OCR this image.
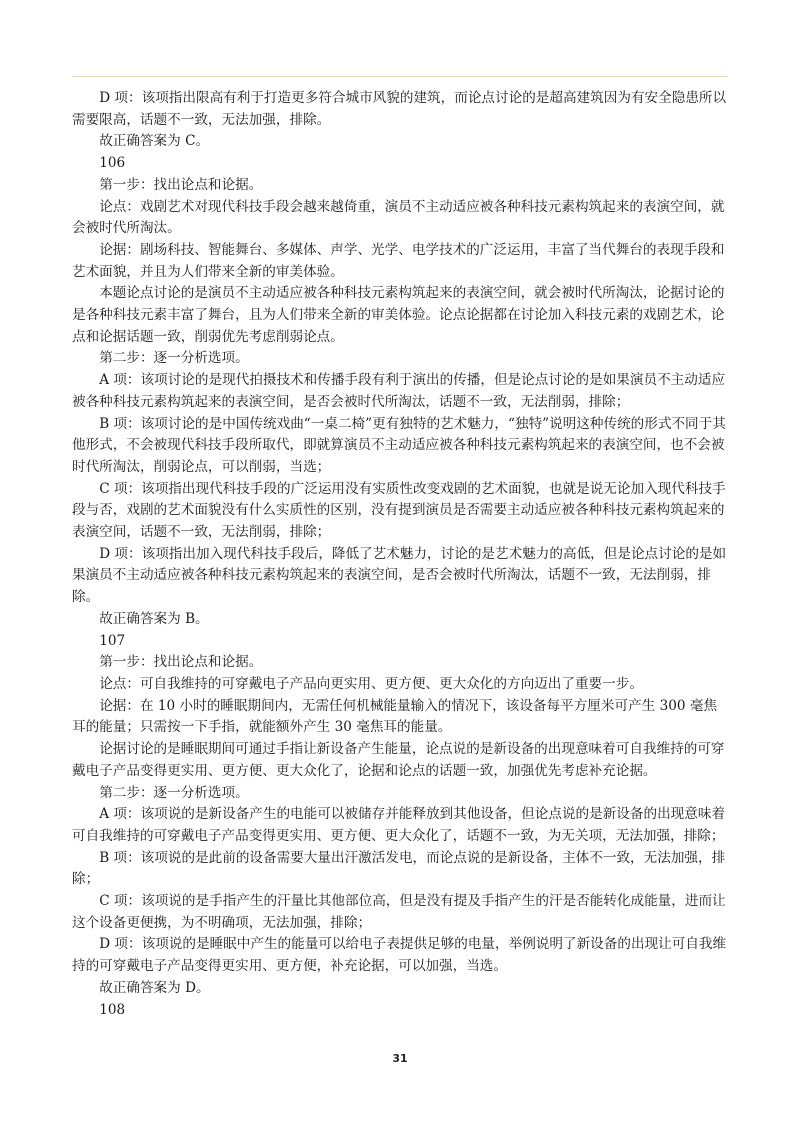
D 项：该项指出限高有利于打造更多符合城市风貌的建筑，而论点讨论的是超高建筑因为有安全隐患所以需要限高，话题不一致，无法加强，排除。

故正确答案为 C。

106

第一步：找出论点和论据。

论点：戏剧艺术对现代科技手段会越来越倚重，演员不主动适应被各种科技元素构筑起来的表演空间，就会被时代所淘汰。

论据：剧场科技、智能舞台、多媒体、声学、光学、电学技术的广泛运用，丰富了当代舞台的表现手段和艺术面貌，并且为人们带来全新的审美体验。

本题论点讨论的是演员不主动适应被各种科技元素构筑起来的表演空间，就会被时代所淘汰，论据讨论的是各种科技元素丰富了舞台，且为人们带来全新的审美体验。论点论据都在讨论加入科技元素的戏剧艺术，论点和论据话题一致，削弱优先考虑削弱论点。

第二步：逐一分析选项。

A 项：该项讨论的是现代拍摄技术和传播手段有利于演出的传播，但是论点讨论的是如果演员不主动适应被各种科技元素构筑起来的表演空间，是否会被时代所淘汰，话题不一致，无法削弱，排除；

B 项：该项讨论的是中国传统戏曲“一桌二椅”更有独特的艺术魅力，“独特”说明这种传统的形式不同于其他形式，不会被现代科技手段所取代，即就算演员不主动适应被各种科技元素构筑起来的表演空间，也不会被时代所淘汰，削弱论点，可以削弱，当选；

C 项：该项指出现代科技手段的广泛运用没有实质性改变戏剧的艺术面貌，也就是说无论加入现代科技手段与否，戏剧的艺术面貌没有什么实质性的区别，没有提到演员是否需要主动适应被各种科技元素构筑起来的表演空间，话题不一致，无法削弱，排除；

D 项：该项指出加入现代科技手段后，降低了艺术魅力，讨论的是艺术魅力的高低，但是论点讨论的是如果演员不主动适应被各种科技元素构筑起来的表演空间，是否会被时代所淘汰，话题不一致，无法削弱，排除。

故正确答案为 B。

107

第一步：找出论点和论据。

论点：可自我维持的可穿戴电子产品向更实用、更方便、更大众化的方向迈出了重要一步。

论据：在 10 小时的睡眠期间内，无需任何机械能量输入的情况下，该设备每平方厘米可产生 300 毫焦耳的能量；只需按一下手指，就能额外产生 30 毫焦耳的能量。

论据讨论的是睡眠期间可通过手指让新设备产生能量，论点说的是新设备的出现意味着可自我维持的可穿戴电子产品变得更实用、更方便、更大众化了，论据和论点的话题一致，加强优先考虑补充论据。

第二步：逐一分析选项。

A 项：该项说的是新设备产生的电能可以被储存并能释放到其他设备，但论点说的是新设备的出现意味着可自我维持的可穿戴电子产品变得更实用、更方便、更大众化了，话题不一致，为无关项，无法加强，排除；

B 项：该项说的是此前的设备需要大量出汗激活发电，而论点说的是新设备，主体不一致，无法加强，排除；

C 项：该项说的是手指产生的汗量比其他部位高，但是没有提及手指产生的汗是否能转化成能量，进而让这个设备更便携，为不明确项，无法加强，排除；

D 项：该项说的是睡眠中产生的能量可以给电子表提供足够的电量，举例说明了新设备的出现让可自我维持的可穿戴电子产品变得更实用、更方便，补充论据，可以加强，当选。

故正确答案为 D。

108

31
